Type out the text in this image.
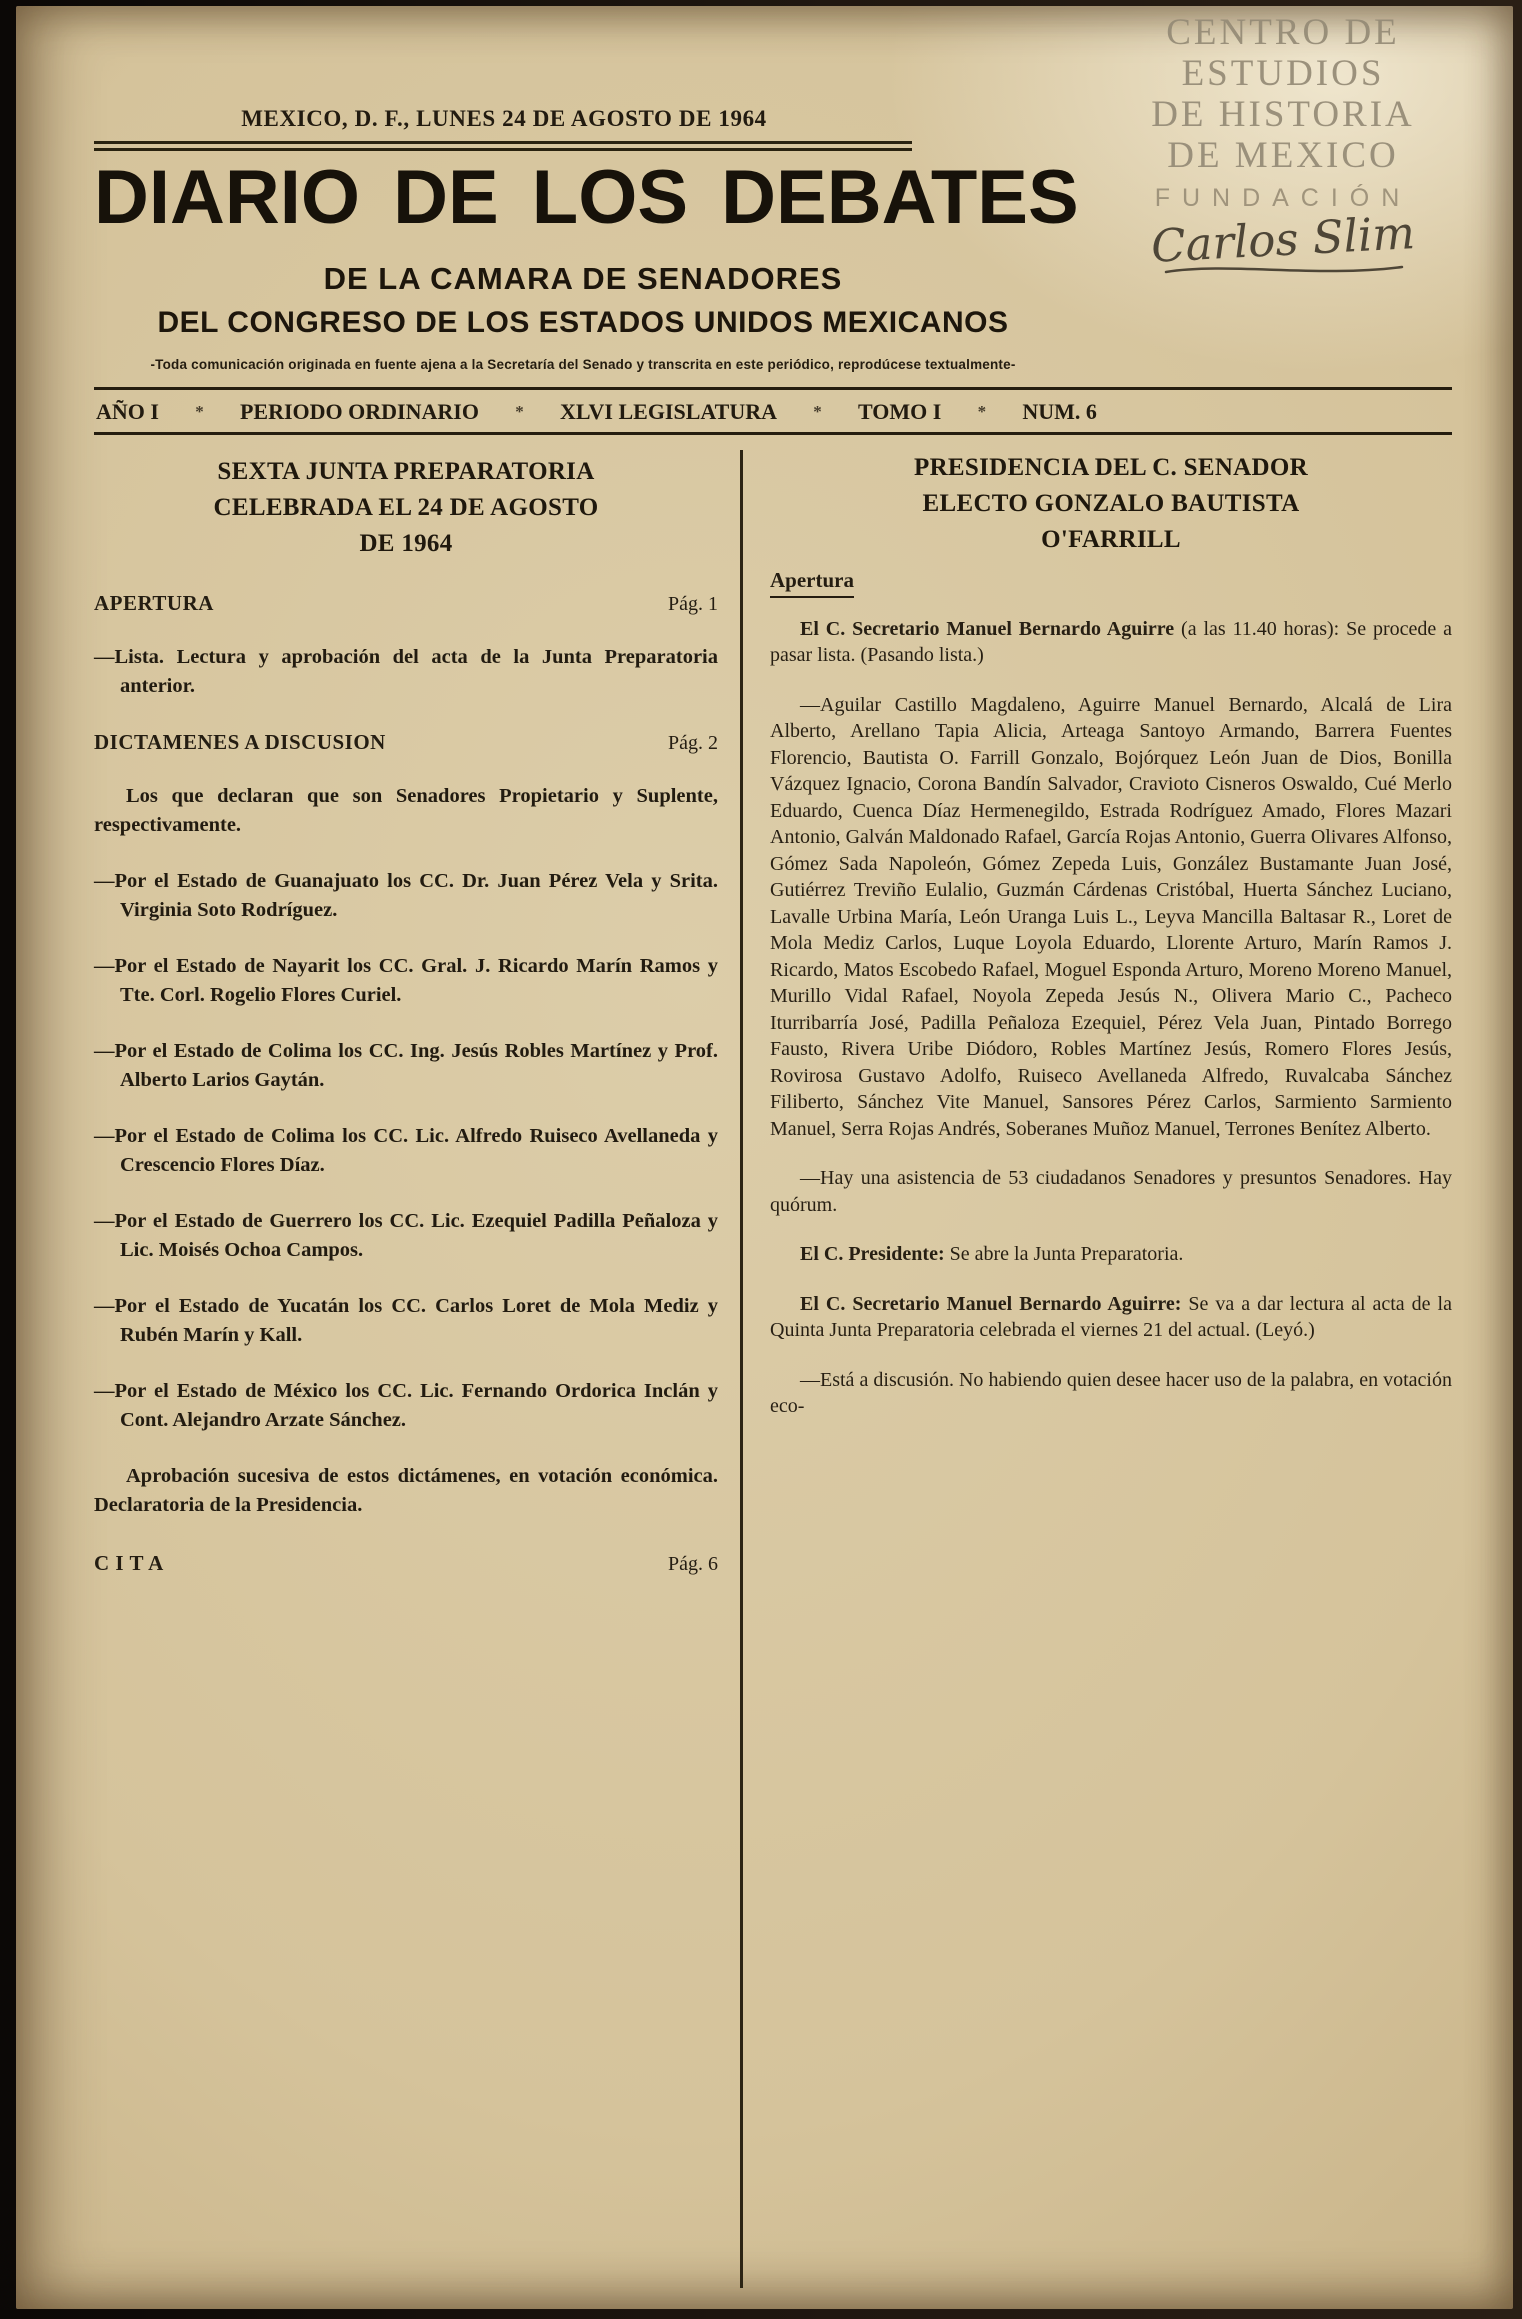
CENTRO DE
ESTUDIOS
DE HISTORIA
DE MEXICO
FUNDACIÓN
Carlos Slim
MEXICO, D. F., LUNES 24 DE AGOSTO DE 1964
DIARIO DE LOS DEBATES
DE LA CAMARA DE SENADORES
DEL CONGRESO DE LOS ESTADOS UNIDOS MEXICANOS
-Toda comunicación originada en fuente ajena a la Secretaría del Senado y transcrita en este periódico, reprodúcese textualmente-
AÑO I * PERIODO ORDINARIO * XLVI LEGISLATURA * TOMO I * NUM. 6
SEXTA JUNTA PREPARATORIA
CELEBRADA EL 24 DE AGOSTO
DE 1964
APERTURA	Pág. 1

—Lista. Lectura y aprobación del acta de la Junta Preparatoria anterior.

DICTAMENES A DISCUSION	Pág. 2

Los que declaran que son Senadores Propietario y Suplente, respectivamente.

—Por el Estado de Guanajuato los CC. Dr. Juan Pérez Vela y Srita. Virginia Soto Rodríguez.

—Por el Estado de Nayarit los CC. Gral. J. Ricardo Marín Ramos y Tte. Corl. Rogelio Flores Curiel.

—Por el Estado de Colima los CC. Ing. Jesús Robles Martínez y Prof. Alberto Larios Gaytán.

—Por el Estado de Colima los CC. Lic. Alfredo Ruiseco Avellaneda y Crescencio Flores Díaz.

—Por el Estado de Guerrero los CC. Lic. Ezequiel Padilla Peñaloza y Lic. Moisés Ochoa Campos.

—Por el Estado de Yucatán los CC. Carlos Loret de Mola Mediz y Rubén Marín y Kall.

—Por el Estado de México los CC. Lic. Fernando Ordorica Inclán y Cont. Alejandro Arzate Sánchez.

Aprobación sucesiva de estos dictámenes, en votación económica. Declaratoria de la Presidencia.

C I T A	Pág. 6
PRESIDENCIA DEL C. SENADOR
ELECTO GONZALO BAUTISTA
O'FARRILL
Apertura

El C. Secretario Manuel Bernardo Aguirre (a las 11.40 horas): Se procede a pasar lista. (Pasando lista.)

—Aguilar Castillo Magdaleno, Aguirre Manuel Bernardo, Alcalá de Lira Alberto, Arellano Tapia Alicia, Arteaga Santoyo Armando, Barrera Fuentes Florencio, Bautista O. Farrill Gonzalo, Bojórquez León Juan de Dios, Bonilla Vázquez Ignacio, Corona Bandín Salvador, Cravioto Cisneros Oswaldo, Cué Merlo Eduardo, Cuenca Díaz Hermenegildo, Estrada Rodríguez Amado, Flores Mazari Antonio, Galván Maldonado Rafael, García Rojas Antonio, Guerra Olivares Alfonso, Gómez Sada Napoleón, Gómez Zepeda Luis, González Bustamante Juan José, Gutiérrez Treviño Eulalio, Guzmán Cárdenas Cristóbal, Huerta Sánchez Luciano, Lavalle Urbina María, León Uranga Luis L., Leyva Mancilla Baltasar R., Loret de Mola Mediz Carlos, Luque Loyola Eduardo, Llorente Arturo, Marín Ramos J. Ricardo, Matos Escobedo Rafael, Moguel Esponda Arturo, Moreno Moreno Manuel, Murillo Vidal Rafael, Noyola Zepeda Jesús N., Olivera Mario C., Pacheco Iturribarría José, Padilla Peñaloza Ezequiel, Pérez Vela Juan, Pintado Borrego Fausto, Rivera Uribe Diódoro, Robles Martínez Jesús, Romero Flores Jesús, Rovirosa Gustavo Adolfo, Ruiseco Avellaneda Alfredo, Ruvalcaba Sánchez Filiberto, Sánchez Vite Manuel, Sansores Pérez Carlos, Sarmiento Sarmiento Manuel, Serra Rojas Andrés, Soberanes Muñoz Manuel, Terrones Benítez Alberto.

—Hay una asistencia de 53 ciudadanos Senadores y presuntos Senadores. Hay quórum.

El C. Presidente: Se abre la Junta Preparatoria.

El C. Secretario Manuel Bernardo Aguirre: Se va a dar lectura al acta de la Quinta Junta Preparatoria celebrada el viernes 21 del actual. (Leyó.)

—Está a discusión. No habiendo quien desee hacer uso de la palabra, en votación eco-
